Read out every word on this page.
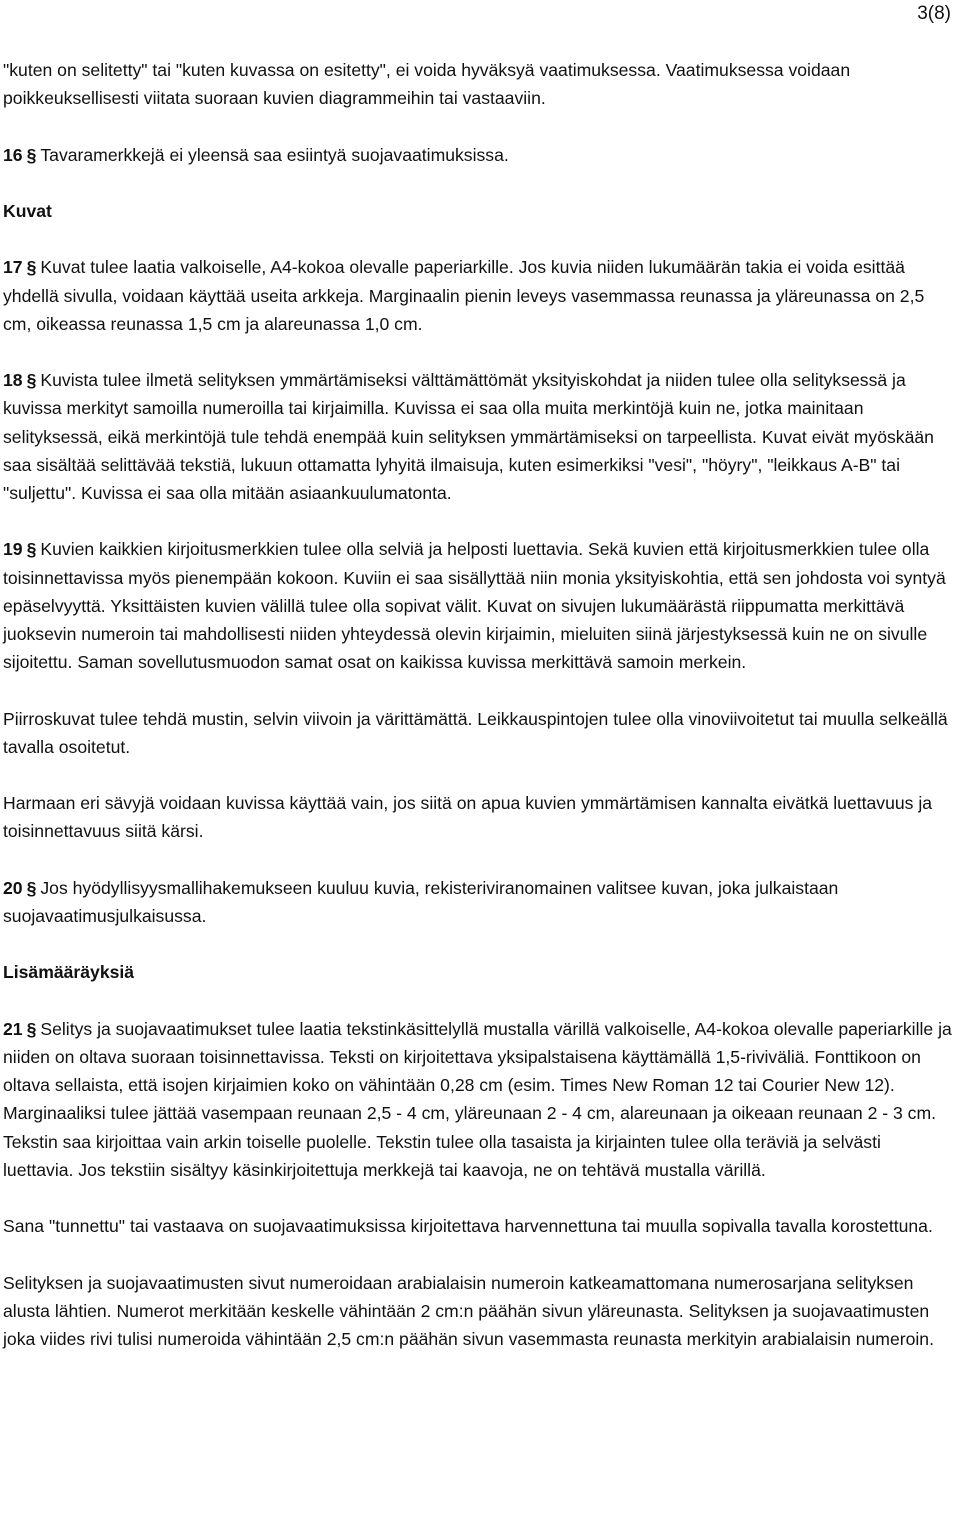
3(8)

"kuten on selitetty" tai "kuten kuvassa on esitetty", ei voida hyväksyä vaatimuksessa. Vaatimuksessa voidaan poikkeuksellisesti viitata suoraan kuvien diagrammeihin tai vastaaviin.

16 § Tavaramerkkejä ei yleensä saa esiintyä suojavaatimuksissa.

Kuvat

17 § Kuvat tulee laatia valkoiselle, A4-kokoa olevalle paperiarkille. Jos kuvia niiden lukumäärän takia ei voida esittää yhdellä sivulla, voidaan käyttää useita arkkeja. Marginaalin pienin leveys vasemmassa reunassa ja yläreunassa on 2,5 cm, oikeassa reunassa 1,5 cm ja alareunassa 1,0 cm.

18 § Kuvista tulee ilmetä selityksen ymmärtämiseksi välttämättömät yksityiskohdat ja niiden tulee olla selityksessä ja kuvissa merkityt samoilla numeroilla tai kirjaimilla. Kuvissa ei saa olla muita merkintöjä kuin ne, jotka mainitaan selityksessä, eikä merkintöjä tule tehdä enempää kuin selityksen ymmärtämiseksi on tarpeellista. Kuvat eivät myöskään saa sisältää selittävää tekstiä, lukuun ottamatta lyhyitä ilmaisuja, kuten esimerkiksi "vesi", "höyry", "leikkaus A-B" tai "suljettu". Kuvissa ei saa olla mitään asiaankuulumatonta.

19 § Kuvien kaikkien kirjoitusmerkkien tulee olla selviä ja helposti luettavia. Sekä kuvien että kirjoitusmerkkien tulee olla toisinnettavissa myös pienempään kokoon. Kuviin ei saa sisällyttää niin monia yksityiskohtia, että sen johdosta voi syntyä epäselvyyttä. Yksittäisten kuvien välillä tulee olla sopivat välit. Kuvat on sivujen lukumäärästä riippumatta merkittävä juoksevin numeroin tai mahdollisesti niiden yhteydessä olevin kirjaimin, mieluiten siinä järjestyksessä kuin ne on sivulle sijoitettu. Saman sovellutusmuodon samat osat on kaikissa kuvissa merkittävä samoin merkein.

Piirroskuvat tulee tehdä mustin, selvin viivoin ja värittämättä. Leikkauspintojen tulee olla vinoviivoitetut tai muulla selkeällä tavalla osoitetut.

Harmaan eri sävyjä voidaan kuvissa käyttää vain, jos siitä on apua kuvien ymmärtämisen kannalta eivätkä luettavuus ja toisinnettavuus siitä kärsi.

20 § Jos hyödyllisyysmallihakemukseen kuuluu kuvia, rekisteriviranomainen valitsee kuvan, joka julkaistaan suojavaatimusjulkaisussa.

Lisämääräyksiä

21 § Selitys ja suojavaatimukset tulee laatia tekstinkäsittelyllä mustalla värillä valkoiselle, A4-kokoa olevalle paperiarkille ja niiden on oltava suoraan toisinnettavissa. Teksti on kirjoitettava yksipalstaisena käyttämällä 1,5-riviväliä. Fonttikoon on oltava sellaista, että isojen kirjaimien koko on vähintään 0,28 cm (esim. Times New Roman 12 tai Courier New 12). Marginaaliksi tulee jättää vasempaan reunaan 2,5 - 4 cm, yläreunaan 2 - 4 cm, alareunaan ja oikeaan reunaan 2 - 3 cm. Tekstin saa kirjoittaa vain arkin toiselle puolelle. Tekstin tulee olla tasaista ja kirjainten tulee olla teräviä ja selvästi luettavia. Jos tekstiin sisältyy käsinkirjoitettuja merkkejä tai kaavoja, ne on tehtävä mustalla värillä.

Sana "tunnettu" tai vastaava on suojavaatimuksissa kirjoitettava harvennettuna tai muulla sopivalla tavalla korostettuna.

Selityksen ja suojavaatimusten sivut numeroidaan arabialaisin numeroin katkeamattomana numerosarjana selityksen alusta lähtien. Numerot merkitään keskelle vähintään 2 cm:n päähän sivun yläreunasta. Selityksen ja suojavaatimusten joka viides rivi tulisi numeroida vähintään 2,5 cm:n päähän sivun vasemmasta reunasta merkityin arabialaisin numeroin.
